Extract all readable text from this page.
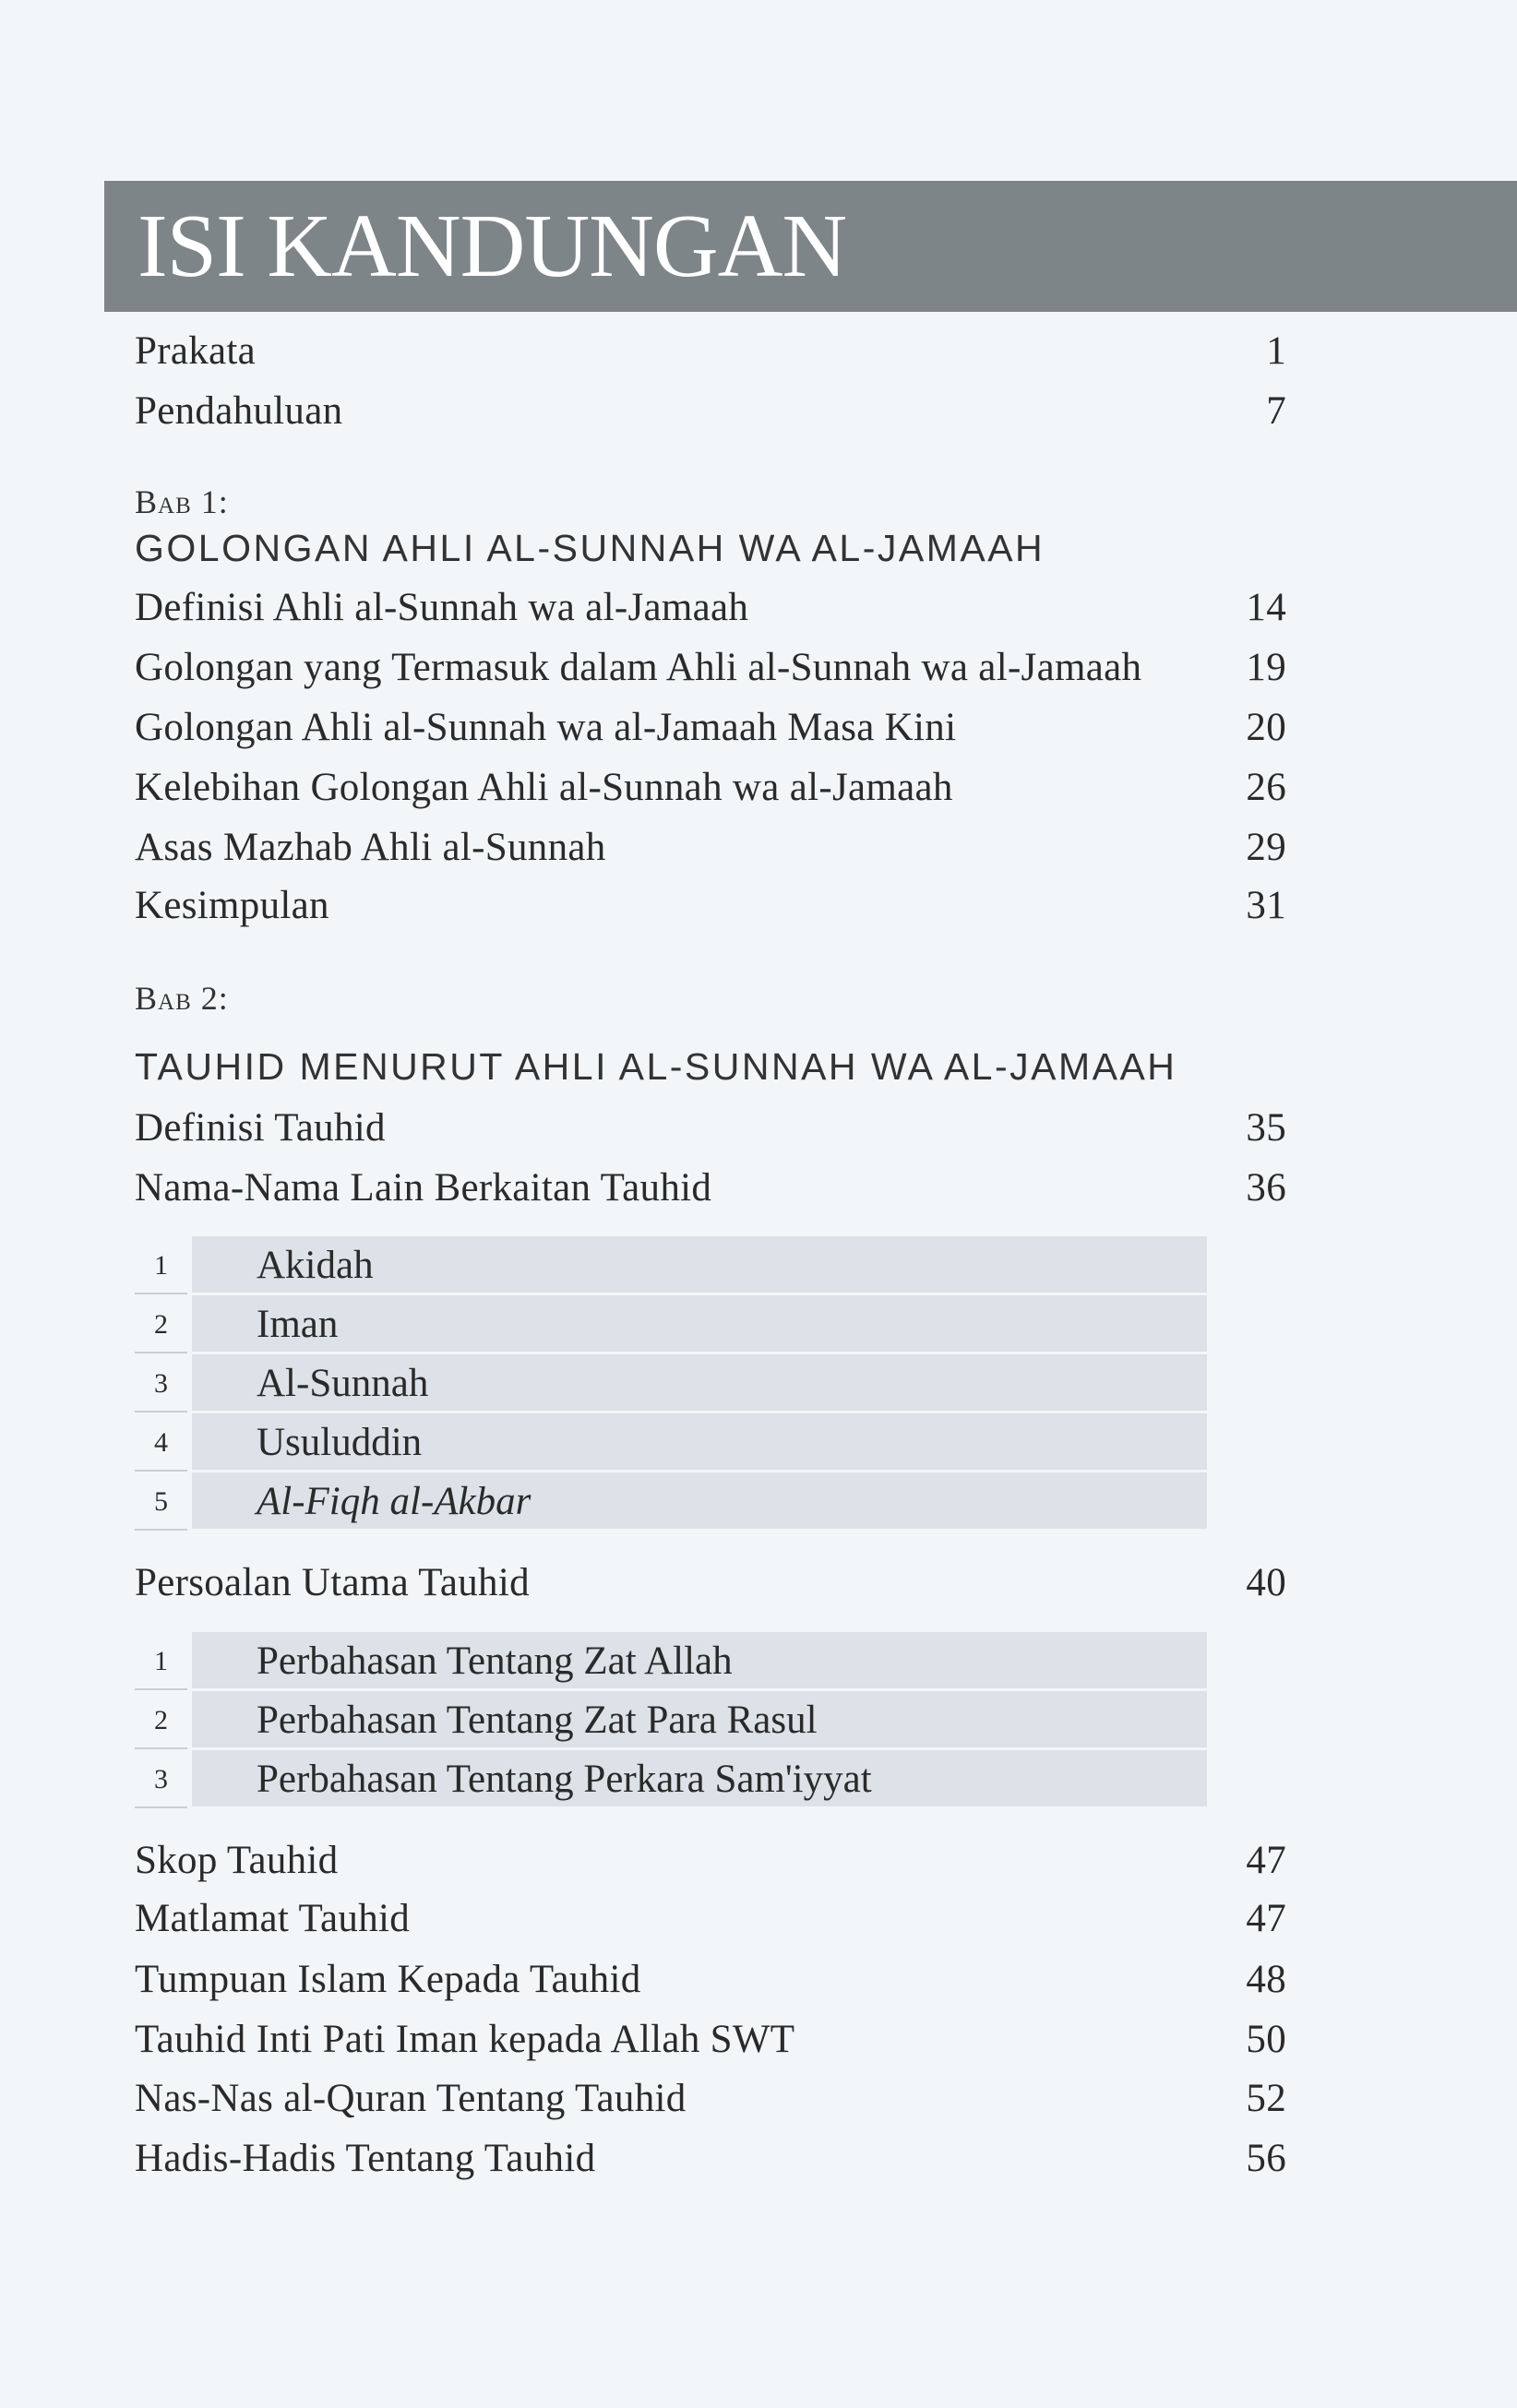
ISI KANDUNGAN
Prakata	1
Pendahuluan	7
Bab 1:
GOLONGAN AHLI AL-SUNNAH WA AL-JAMAAH
Definisi Ahli al-Sunnah wa al-Jamaah	14
Golongan yang Termasuk dalam Ahli al-Sunnah wa al-Jamaah	19
Golongan Ahli al-Sunnah wa al-Jamaah Masa Kini	20
Kelebihan Golongan Ahli al-Sunnah wa al-Jamaah	26
Asas Mazhab Ahli al-Sunnah	29
Kesimpulan	31
Bab 2:
TAUHID MENURUT AHLI AL-SUNNAH WA AL-JAMAAH
Definisi Tauhid	35
Nama-Nama Lain Berkaitan Tauhid	36
1	Akidah
2	Iman
3	Al-Sunnah
4	Usuluddin
5	Al-Fiqh al-Akbar
Persoalan Utama Tauhid	40
1	Perbahasan Tentang Zat Allah
2	Perbahasan Tentang Zat Para Rasul
3	Perbahasan Tentang Perkara Sam'iyyat
Skop Tauhid	47
Matlamat Tauhid	47
Tumpuan Islam Kepada Tauhid	48
Tauhid Inti Pati Iman kepada Allah SWT	50
Nas-Nas al-Quran Tentang Tauhid	52
Hadis-Hadis Tentang Tauhid	56
